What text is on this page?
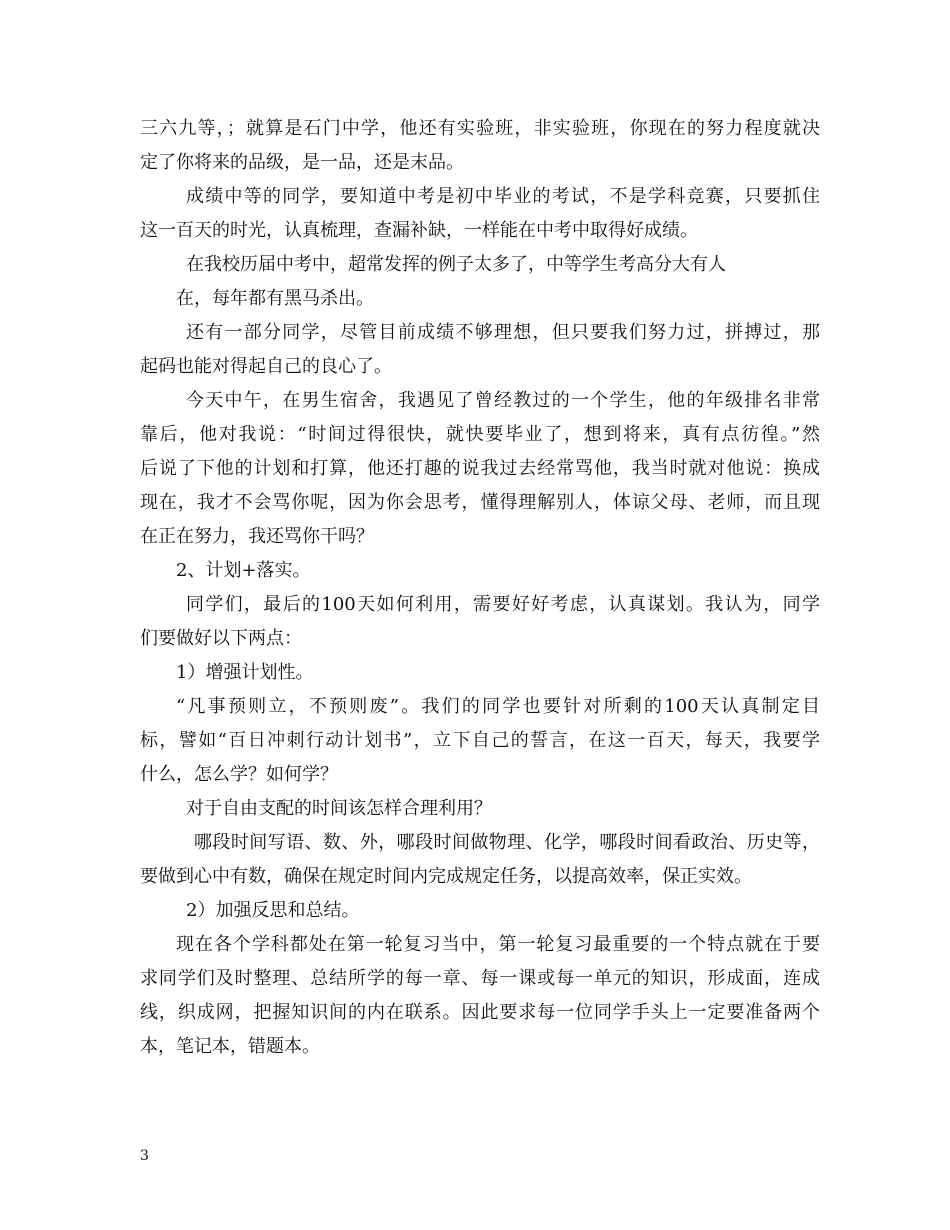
三六九等，；就算是石门中学，他还有实验班，非实验班，你现在的努力程度就决
定了你将来的品级，是一品，还是末品。
成绩中等的同学，要知道中考是初中毕业的考试，不是学科竞赛，只要抓住
这一百天的时光，认真梳理，查漏补缺，一样能在中考中取得好成绩。
在我校历届中考中，超常发挥的例子太多了，中等学生考高分大有人
在，每年都有黑马杀出。
还有一部分同学，尽管目前成绩不够理想，但只要我们努力过，拼搏过，那
起码也能对得起自己的良心了。
今天中午，在男生宿舍，我遇见了曾经教过的一个学生，他的年级排名非常
靠后，他对我说：“时间过得很快，就快要毕业了，想到将来，真有点彷徨。”然
后说了下他的计划和打算，他还打趣的说我过去经常骂他，我当时就对他说：换成
现在，我才不会骂你呢，因为你会思考，懂得理解别人，体谅父母、老师，而且现
在正在努力，我还骂你干吗？
2、计划+落实。
同学们，最后的100天如何利用，需要好好考虑，认真谋划。我认为，同学
们要做好以下两点：
1）增强计划性。
“凡事预则立，不预则废”。我们的同学也要针对所剩的100天认真制定目
标，譬如“百日冲刺行动计划书”，立下自己的誓言，在这一百天，每天，我要学
什么，怎么学？如何学？
对于自由支配的时间该怎样合理利用？
哪段时间写语、数、外，哪段时间做物理、化学，哪段时间看政治、历史等，
要做到心中有数，确保在规定时间内完成规定任务，以提高效率，保正实效。
2）加强反思和总结。
现在各个学科都处在第一轮复习当中，第一轮复习最重要的一个特点就在于要
求同学们及时整理、总结所学的每一章、每一课或每一单元的知识，形成面，连成
线，织成网，把握知识间的内在联系。因此要求每一位同学手头上一定要准备两个
本，笔记本，错题本。
3
